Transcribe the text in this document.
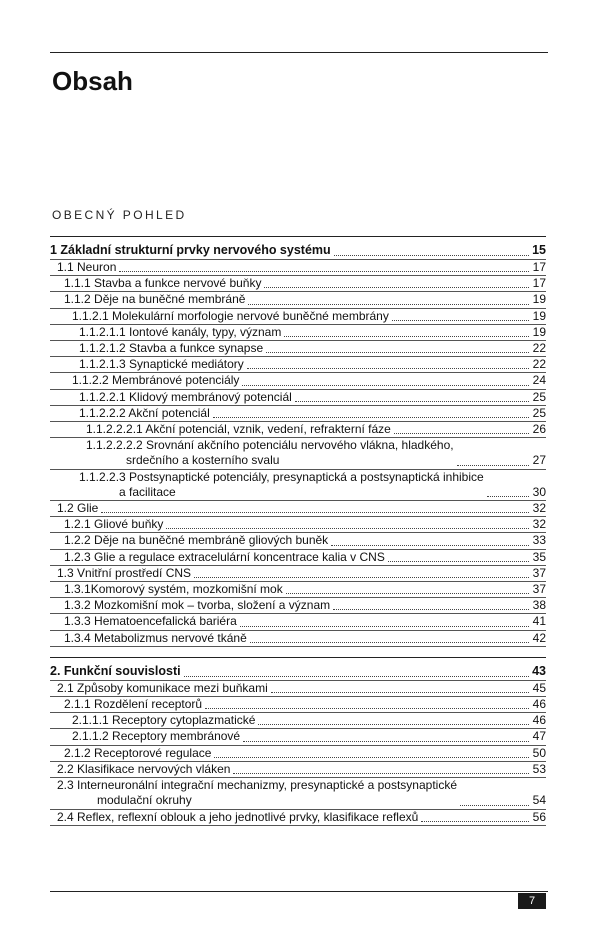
Obsah
OBECNÝ POHLED
1 Základní strukturní prvky nervového systému	15
1.1 Neuron	17
1.1.1 Stavba a funkce nervové buňky	17
1.1.2 Děje na buněčné membráně	19
1.1.2.1 Molekulární morfologie nervové buněčné membrány	19
1.1.2.1.1 Iontové kanály, typy, význam	19
1.1.2.1.2 Stavba a funkce synapse	22
1.1.2.1.3 Synaptické mediátory	22
1.1.2.2 Membránové potenciály	24
1.1.2.2.1 Klidový membránový potenciál	25
1.1.2.2.2 Akční potenciál	25
1.1.2.2.2.1 Akční potenciál, vznik, vedení, refrakterní fáze	26
1.1.2.2.2.2 Srovnání akčního potenciálu nervového vlákna, hladkého,
srdečního a kosterního svalu	27
1.1.2.2.3 Postsynaptické potenciály, presynaptická a postsynaptická inhibice
a facilitace	30
1.2 Glie	32
1.2.1 Gliové buňky	32
1.2.2 Děje na buněčné membráně gliových buněk	33
1.2.3 Glie a regulace extracelulární koncentrace kalia v CNS	35
1.3 Vnitřní prostředí CNS	37
1.3.1Komorový systém, mozkomišní mok	37
1.3.2 Mozkomišní mok – tvorba, složení a význam	38
1.3.3 Hematoencefalická bariéra	41
1.3.4 Metabolizmus nervové tkáně	42
2. Funkční souvislosti	43
2.1 Způsoby komunikace mezi buňkami	45
2.1.1 Rozdělení receptorů	46
2.1.1.1 Receptory cytoplazmatické	46
2.1.1.2 Receptory membránové	47
2.1.2 Receptorové regulace	50
2.2 Klasifikace nervových vláken	53
2.3 Interneuronální integrační mechanizmy, presynaptické a postsynaptické
modulační okruhy	54
2.4 Reflex, reflexní oblouk a jeho jednotlivé prvky, klasifikace reflexů	56
7
